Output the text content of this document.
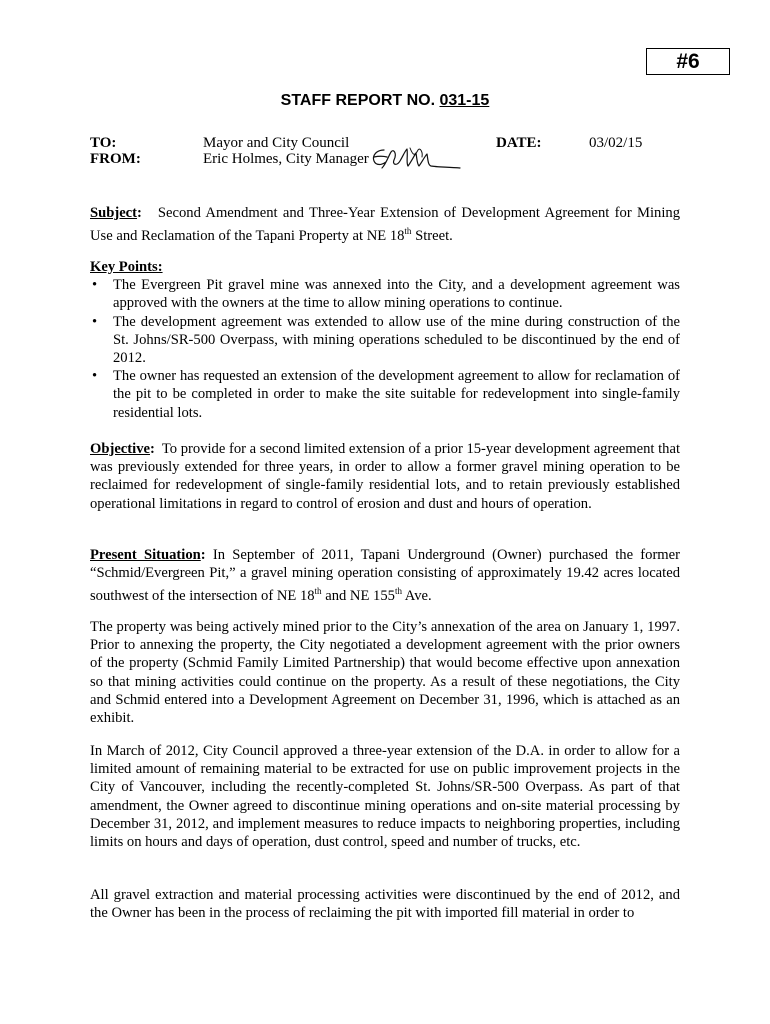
#6
STAFF REPORT NO. 031-15
TO:	Mayor and City Council	DATE:	03/02/15
FROM:	Eric Holmes, City Manager

Subject: Second Amendment and Three-Year Extension of Development Agreement for Mining Use and Reclamation of the Tapani Property at NE 18th Street.

Key Points:

• The Evergreen Pit gravel mine was annexed into the City, and a development agreement was approved with the owners at the time to allow mining operations to continue.
• The development agreement was extended to allow use of the mine during construction of the St. Johns/SR-500 Overpass, with mining operations scheduled to be discontinued by the end of 2012.
• The owner has requested an extension of the development agreement to allow for reclamation of the pit to be completed in order to make the site suitable for redevelopment into single-family residential lots.

Objective: To provide for a second limited extension of a prior 15-year development agreement that was previously extended for three years, in order to allow a former gravel mining operation to be reclaimed for redevelopment of single-family residential lots, and to retain previously established operational limitations in regard to control of erosion and dust and hours of operation.

Present Situation: In September of 2011, Tapani Underground (Owner) purchased the former “Schmid/Evergreen Pit,” a gravel mining operation consisting of approximately 19.42 acres located southwest of the intersection of NE 18th and NE 155th Ave.

The property was being actively mined prior to the City’s annexation of the area on January 1, 1997. Prior to annexing the property, the City negotiated a development agreement with the prior owners of the property (Schmid Family Limited Partnership) that would become effective upon annexation so that mining activities could continue on the property. As a result of these negotiations, the City and Schmid entered into a Development Agreement on December 31, 1996, which is attached as an exhibit.

In March of 2012, City Council approved a three-year extension of the D.A. in order to allow for a limited amount of remaining material to be extracted for use on public improvement projects in the City of Vancouver, including the recently-completed St. Johns/SR-500 Overpass. As part of that amendment, the Owner agreed to discontinue mining operations and on-site material processing by December 31, 2012, and implement measures to reduce impacts to neighboring properties, including limits on hours and days of operation, dust control, speed and number of trucks, etc.

All gravel extraction and material processing activities were discontinued by the end of 2012, and the Owner has been in the process of reclaiming the pit with imported fill material in order to
